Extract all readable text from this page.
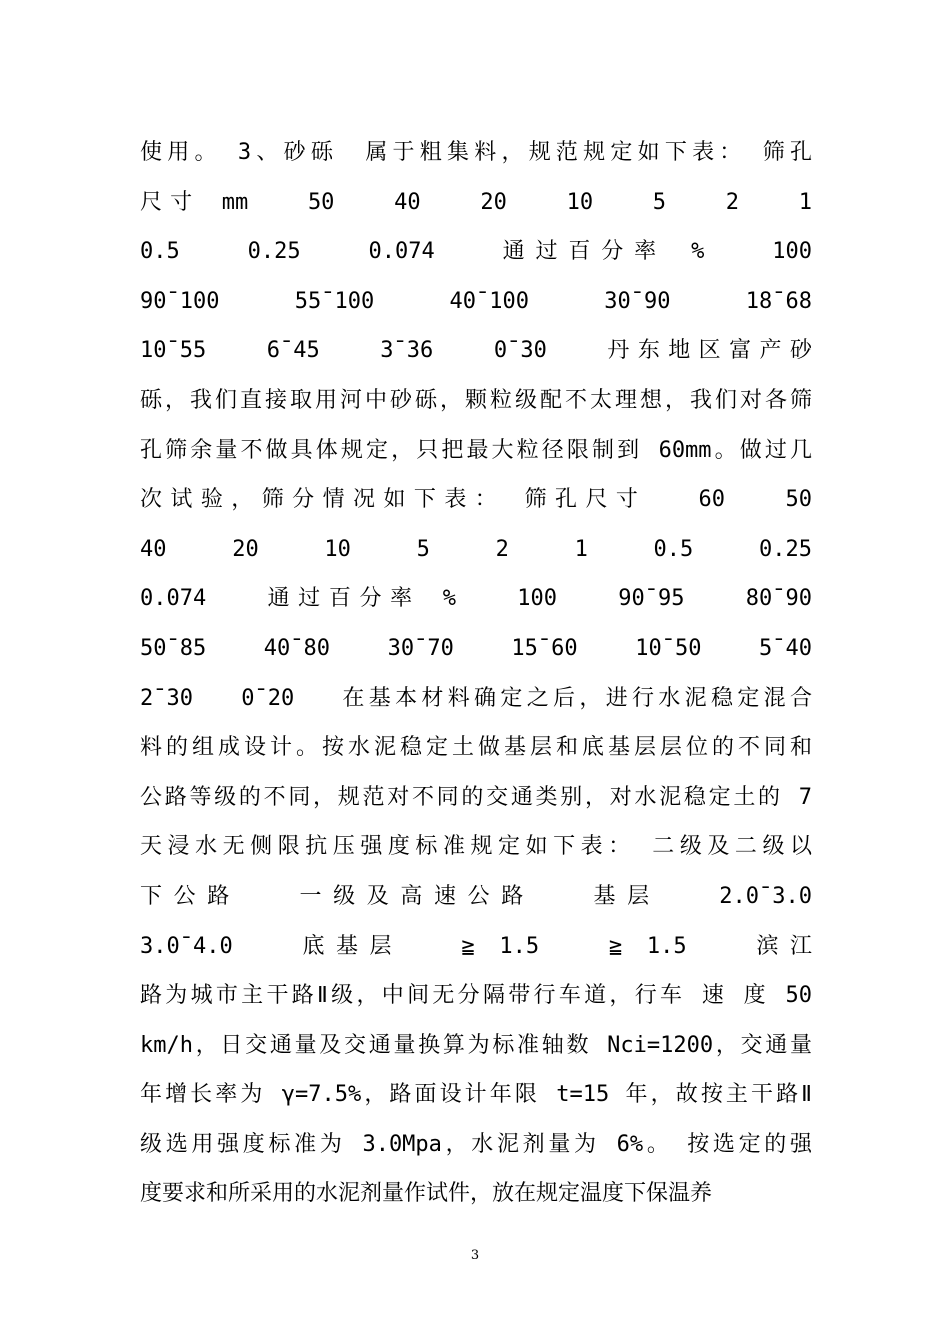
使用。　3、砂砾　属于粗集料，规范规定如下表：　筛孔
尺寸 mm　 50　 40　 20　 10　 5　 2　 1
0.5　 0.25　 0.074　 通过百分率 %　 100
90¯100　 55¯100　 40¯100　 30¯90　 18¯68
10¯55　 6¯45　 3¯36　 0¯30　 丹东地区富产砂
砾，我们直接取用河中砂砾，颗粒级配不太理想，我们对各筛
孔筛余量不做具体规定，只把最大粒径限制到 60mm。做过几
次试验，筛分情况如下表：　筛孔尺寸　 60　 50
40　 20　 10　 5　 2　 1　 0.5　 0.25
0.074　 通过百分率 %　 100　 90¯95　 80¯90
50¯85　 40¯80　 30¯70　 15¯60　 10¯50　 5¯40
2¯30　 0¯20　 在基本材料确定之后，进行水泥稳定混合
料的组成设计。按水泥稳定土做基层和底基层层位的不同和
公路等级的不同，规范对不同的交通类别，对水泥稳定土的 7
天浸水无侧限抗压强度标准规定如下表：　二级及二级以
下公路　 一级及高速公路　 基层　 2.0¯3.0
3.0¯4.0　 底基层　 ≧ 1.5　 ≧ 1.5　 滨江
路为城市主干路Ⅱ级，中间无分隔带行车道，行车 速 度 50
km/h，日交通量及交通量换算为标准轴数 Nci=1200，交通量
年增长率为 γ=7.5%，路面设计年限 t=15 年，故按主干路Ⅱ
级选用强度标准为 3.0Mpa，水泥剂量为 6%。　按选定的强
度要求和所采用的水泥剂量作试件，放在规定温度下保温养
3
